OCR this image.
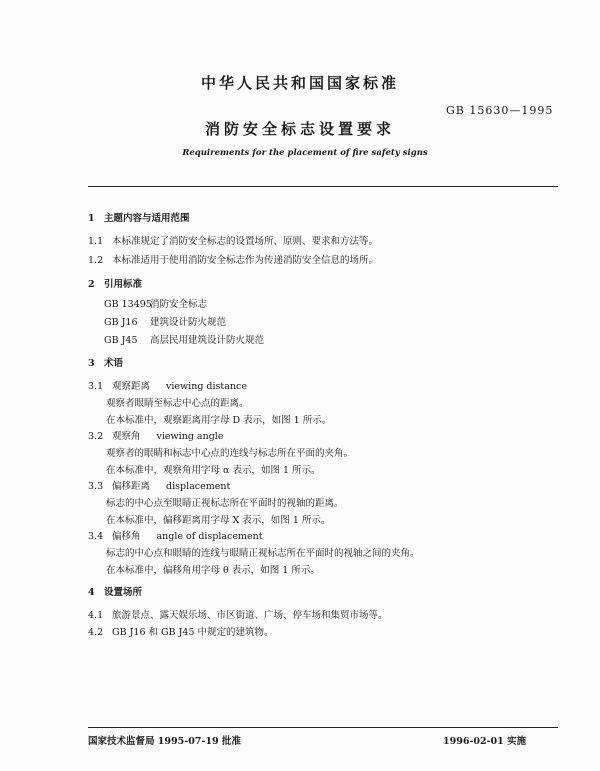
中华人民共和国国家标准
GB 15630—1995
消防安全标志设置要求
Requirements for the placement of fire safety signs
1 主题内容与适用范围
1.1 本标准规定了消防安全标志的设置场所、原则、要求和方法等。
1.2 本标准适用于使用消防安全标志作为传递消防安全信息的场所。
2 引用标准
GB 13495消防安全标志
GB J16 建筑设计防火规范
GB J45 高层民用建筑设计防火规范
3 术语
3.1 观察距离 viewing distance
观察者眼睛至标志中心点的距离。
在本标准中，观察距离用字母 D 表示，如图 1 所示。
3.2 观察角 viewing angle
观察者的眼睛和标志中心点的连线与标志所在平面的夹角。
在本标准中，观察角用字母 α 表示，如图 1 所示。
3.3 偏移距离 displacement
标志的中心点至眼睛正视标志所在平面时的视轴的距离。
在本标准中，偏移距离用字母 X 表示，如图 1 所示。
3.4 偏移角 angle of displacement
标志的中心点和眼睛的连线与眼睛正视标志所在平面时的视轴之间的夹角。
在本标准中，偏移角用字母 θ 表示，如图 1 所示。
4 设置场所
4.1 旅游景点、露天娱乐场、市区街道、广场、停车场和集贸市场等。
4.2 GB J16 和 GB J45 中规定的建筑物。
国家技术监督局 1995-07-19 批准	1996-02-01 实施
